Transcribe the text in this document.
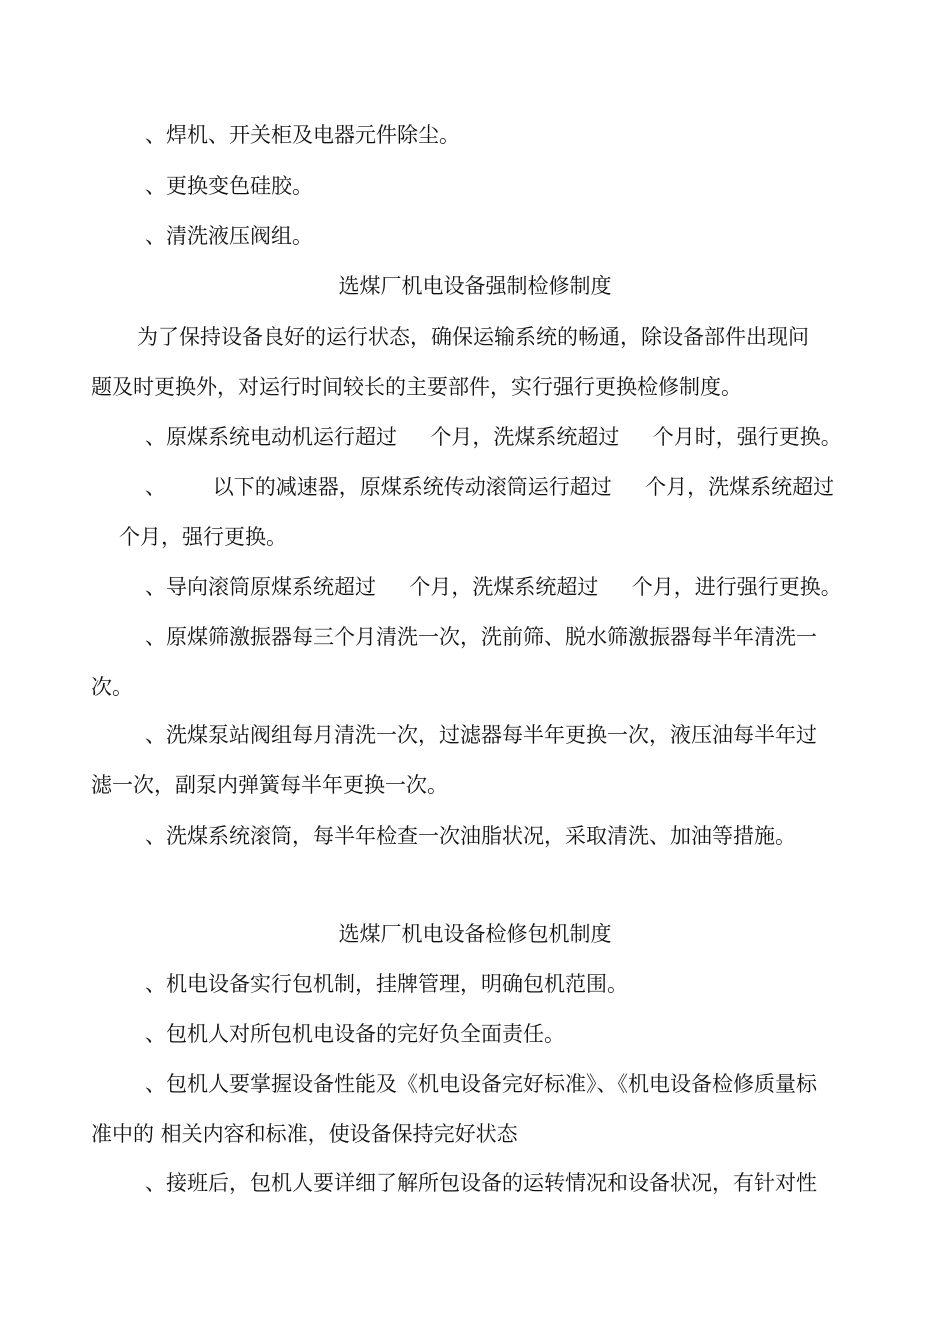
、焊机、开关柜及电器元件除尘。
、更换变色硅胶。
、清洗液压阀组。
选煤厂机电设备强制检修制度
为了保持设备良好的运行状态，确保运输系统的畅通，除设备部件出现问
题及时更换外，对运行时间较长的主要部件，实行强行更换检修制度。
、原煤系统电动机运行超过     个月，洗煤系统超过     个月时，强行更换。
、       以下的减速器，原煤系统传动滚筒运行超过     个月，洗煤系统超过
个月，强行更换。
、导向滚筒原煤系统超过     个月，洗煤系统超过     个月，进行强行更换。
、原煤筛激振器每三个月清洗一次，洗前筛、脱水筛激振器每半年清洗一
次。
、洗煤泵站阀组每月清洗一次，过滤器每半年更换一次，液压油每半年过
滤一次，副泵内弹簧每半年更换一次。
、洗煤系统滚筒，每半年检查一次油脂状况，采取清洗、加油等措施。
选煤厂机电设备检修包机制度
、机电设备实行包机制，挂牌管理，明确包机范围。
、包机人对所包机电设备的完好负全面责任。
、包机人要掌握设备性能及《机电设备完好标准》、《机电设备检修质量标
准中的 相关内容和标准，使设备保持完好状态
、接班后，包机人要详细了解所包设备的运转情况和设备状况，有针对性
